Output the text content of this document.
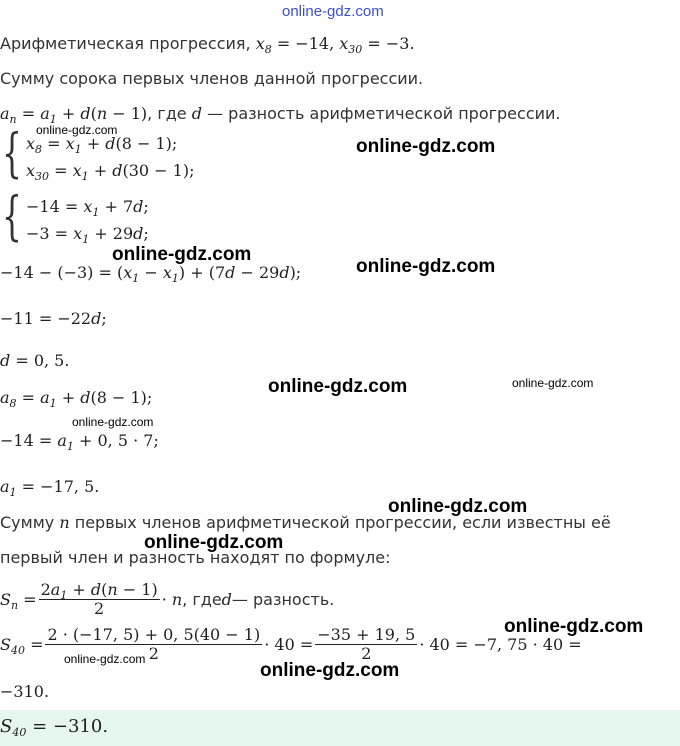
online-gdz.com
online-gdz.com
online-gdz.com
online-gdz.com
online-gdz.com
online-gdz.com	online-gdz.com
online-gdz.com
online-gdz.com
online-gdz.com
online-gdz.com
online-gdz.com
online-gdz.com
Арифметическая прогрессия, $x_8 = -14$, $x_{30} = -3$.
Сумму сорока первых членов данной прогрессии.
$a_n = a_1 + d(n - 1)$, где d — разность арифметической прогрессии.
{ $x_8 = x_1 + d(8 - 1)$;
$x_{30} = x_1 + d(30 - 1)$;
{ $-14 = x_1 + 7d$;
$-3 = x_1 + 29d$;
$-14 - (-3) = (x_1 - x_1) + (7d - 29d)$;
−11 = −22d;
d = 0, 5.
$a_8 = a_1 + d(8 - 1)$;
$-14 = a_1 + 0$, 5 · 7;
$a_1 = -17$, 5.
Сумму n первых членов арифметической прогрессии, если известны её
первый член и разность находят по формуле:
$S_n = \frac{2a_1 + d(n - 1)}{2} \cdot n$ , где d — разность.
$S_{40} = \frac{2 \cdot (-17, 5) + 0, 5(40 - 1)}{2} \cdot 40 = \frac{-35 + 19, 5}{2} \cdot 40 = -7$, 75 · 40 =
−310.
$S_{40} = -310$.
